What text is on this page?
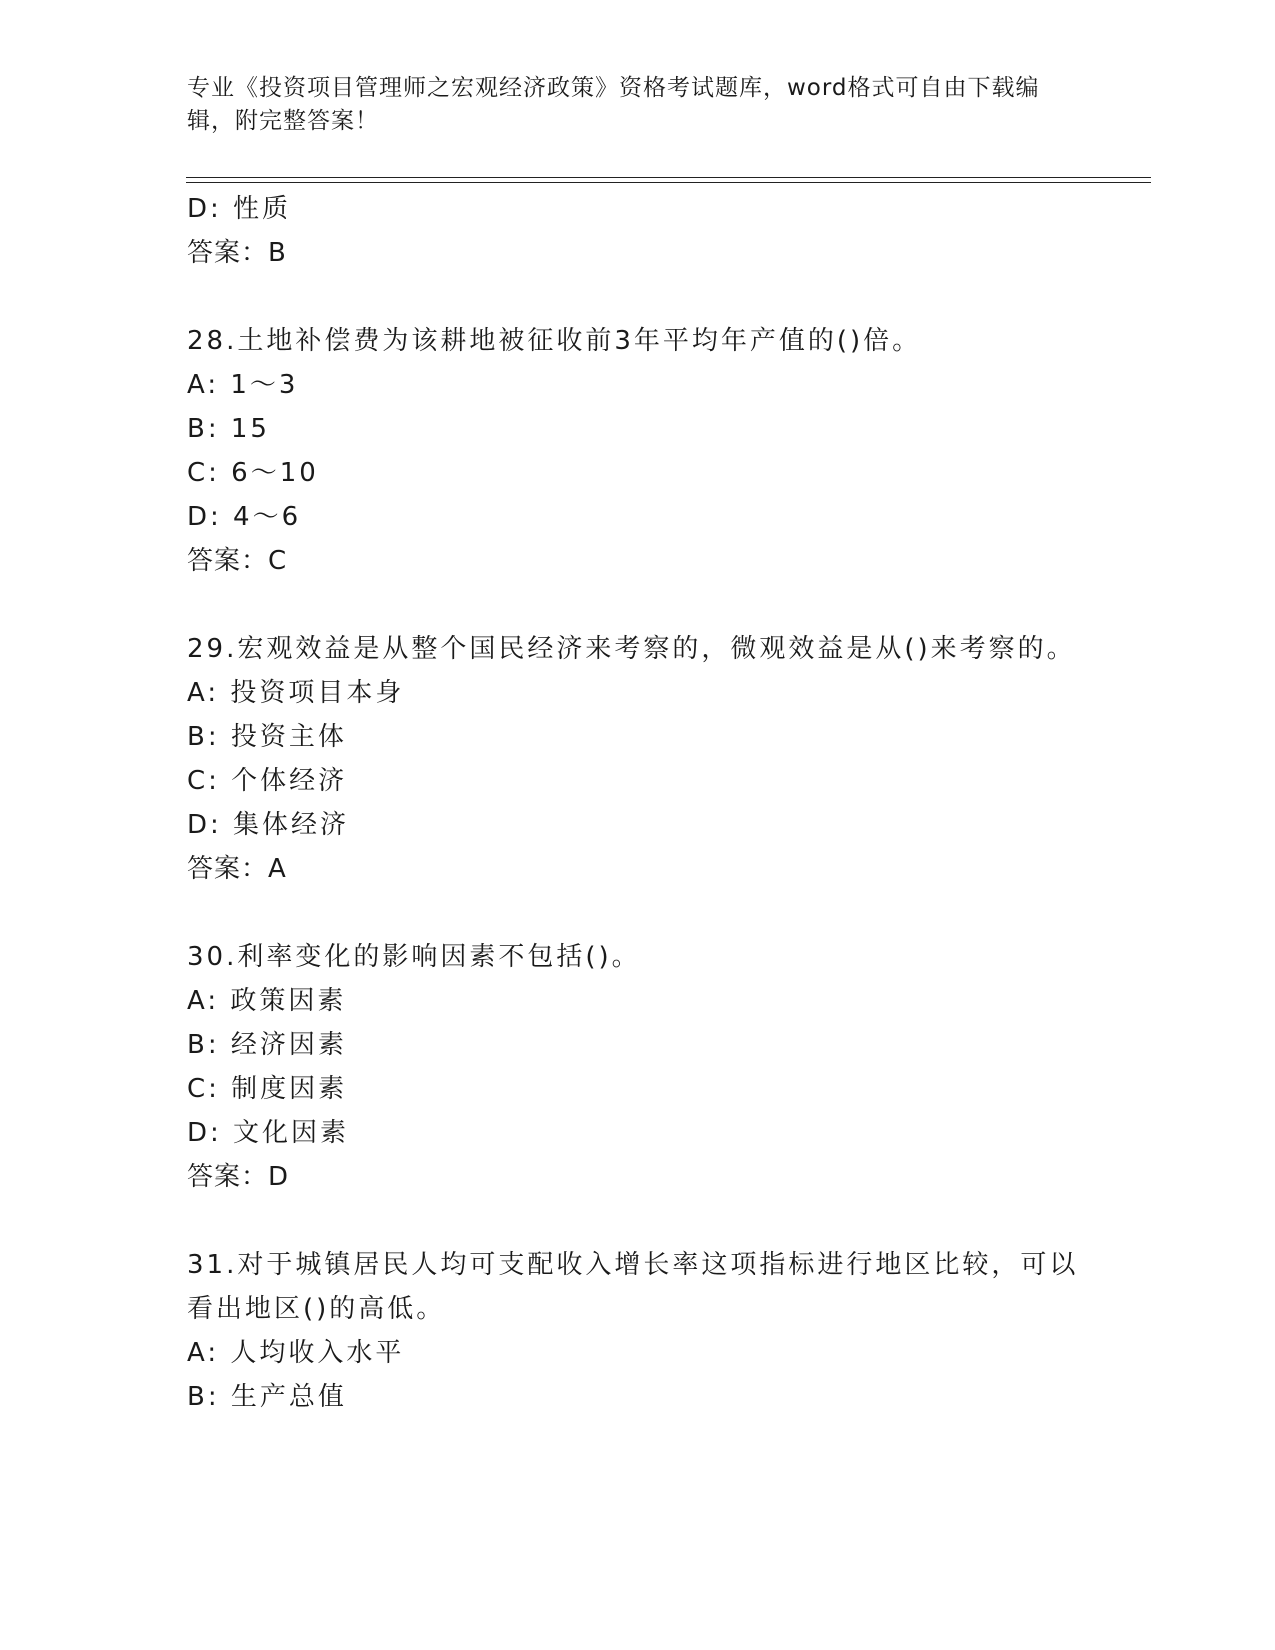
专业《投资项目管理师之宏观经济政策》资格考试题库，word格式可自由下载编辑，附完整答案！
D: 性质
答案：B
28.土地补偿费为该耕地被征收前3年平均年产值的()倍。
A: 1～3
B: 15
C: 6～10
D: 4～6
答案：C
29.宏观效益是从整个国民经济来考察的，微观效益是从()来考察的。
A: 投资项目本身
B: 投资主体
C: 个体经济
D: 集体经济
答案：A
30.利率变化的影响因素不包括()。
A: 政策因素
B: 经济因素
C: 制度因素
D: 文化因素
答案：D
31.对于城镇居民人均可支配收入增长率这项指标进行地区比较，可以
看出地区()的高低。
A: 人均收入水平
B: 生产总值
